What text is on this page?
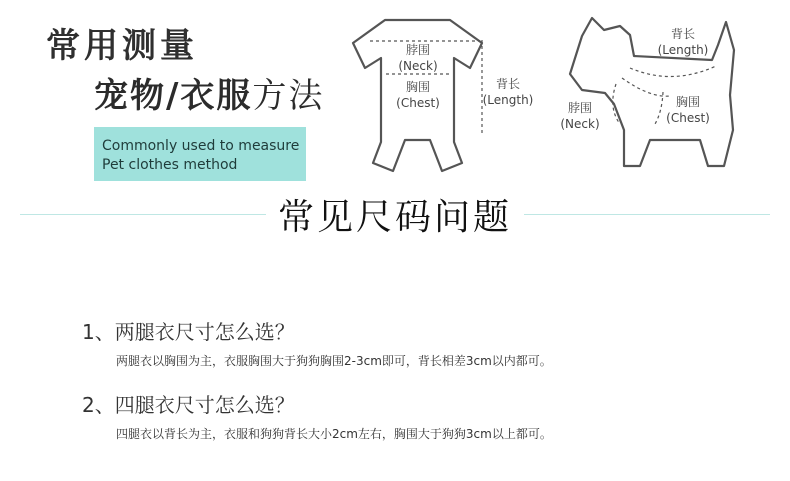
常用测量
宠物/衣服方法
Commonly used to measure
Pet clothes method
脖围
(Neck)
胸围
(Chest)
背长
(Length)
背长
(Length)
脖围
(Neck)
胸围
(Chest)
常见尺码问题
1、两腿衣尺寸怎么选？
两腿衣以胸围为主，衣服胸围大于狗狗胸围2-3cm即可，背长相差3cm以内都可。
2、四腿衣尺寸怎么选？
四腿衣以背长为主，衣服和狗狗背长大小2cm左右，胸围大于狗狗3cm以上都可。
